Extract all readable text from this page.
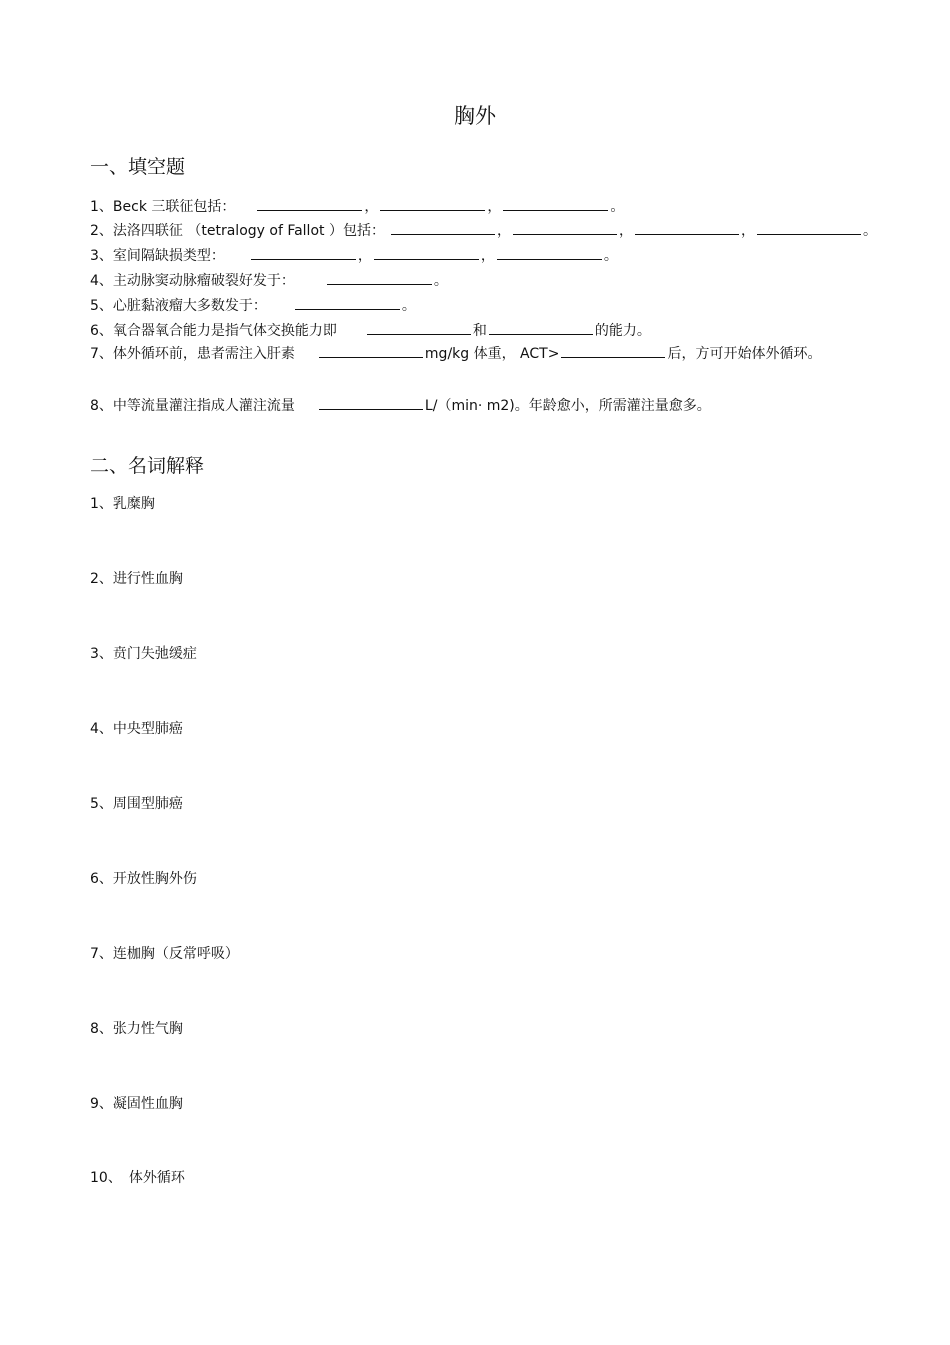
胸外
一、填空题
1、Beck 三联征包括：	，	，	。
2、法洛四联征 （tetralogy of Fallot ）包括：	，	，	，	。
3、室间隔缺损类型：	，	，	。
4、主动脉窦动脉瘤破裂好发于：	。
5、心脏黏液瘤大多数发于：	。
6、氧合器氧合能力是指气体交换能力即	和	的能力。
7、体外循环前，患者需注入肝素	mg/kg 体重， ACT>	后，方可开始体外循环。
8、中等流量灌注指成人灌注流量	L/（min· m2)。年龄愈小，所需灌注量愈多。
二、名词解释
1、乳糜胸
2、进行性血胸
3、贲门失弛缓症
4、中央型肺癌
5、周围型肺癌
6、开放性胸外伤
7、连枷胸（反常呼吸）
8、张力性气胸
9、凝固性血胸
10、　体外循环
